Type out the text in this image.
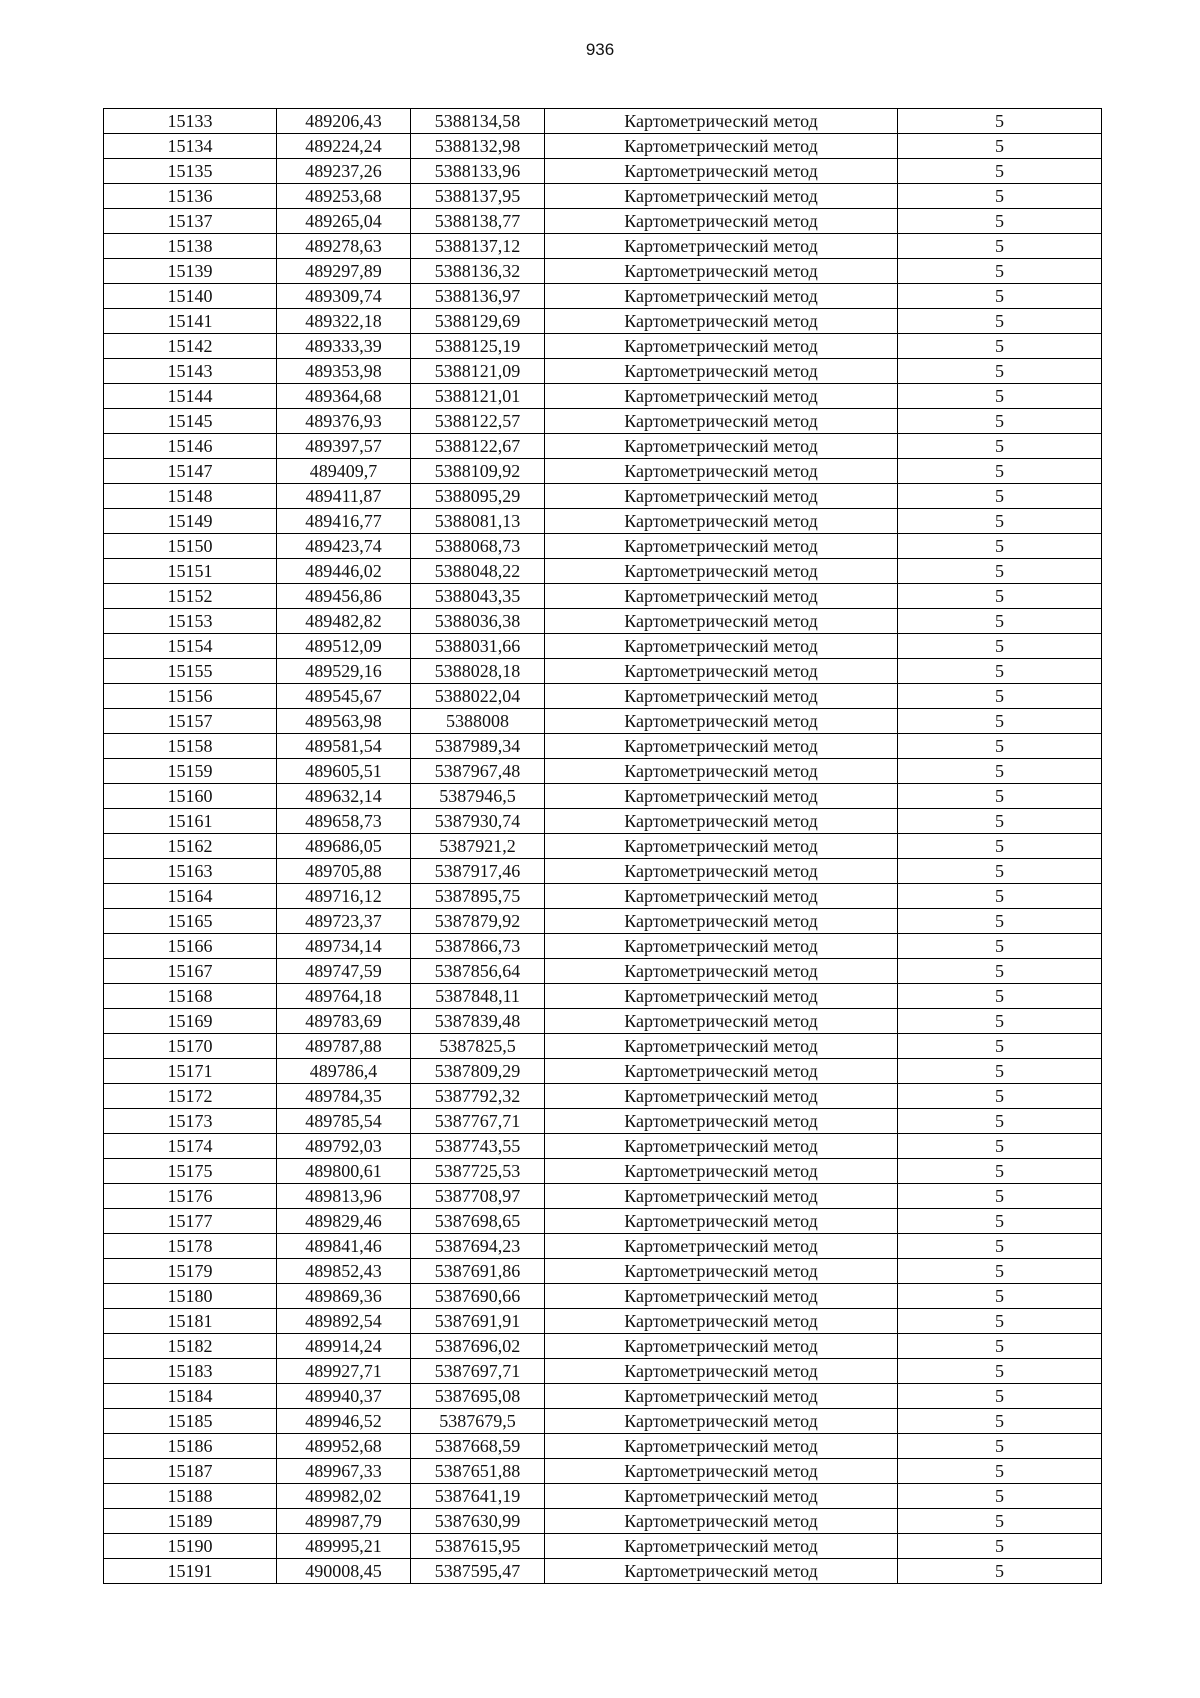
936
15133	489206,43	5388134,58	Картометрический метод	5
15134	489224,24	5388132,98	Картометрический метод	5
15135	489237,26	5388133,96	Картометрический метод	5
15136	489253,68	5388137,95	Картометрический метод	5
15137	489265,04	5388138,77	Картометрический метод	5
15138	489278,63	5388137,12	Картометрический метод	5
15139	489297,89	5388136,32	Картометрический метод	5
15140	489309,74	5388136,97	Картометрический метод	5
15141	489322,18	5388129,69	Картометрический метод	5
15142	489333,39	5388125,19	Картометрический метод	5
15143	489353,98	5388121,09	Картометрический метод	5
15144	489364,68	5388121,01	Картометрический метод	5
15145	489376,93	5388122,57	Картометрический метод	5
15146	489397,57	5388122,67	Картометрический метод	5
15147	489409,7	5388109,92	Картометрический метод	5
15148	489411,87	5388095,29	Картометрический метод	5
15149	489416,77	5388081,13	Картометрический метод	5
15150	489423,74	5388068,73	Картометрический метод	5
15151	489446,02	5388048,22	Картометрический метод	5
15152	489456,86	5388043,35	Картометрический метод	5
15153	489482,82	5388036,38	Картометрический метод	5
15154	489512,09	5388031,66	Картометрический метод	5
15155	489529,16	5388028,18	Картометрический метод	5
15156	489545,67	5388022,04	Картометрический метод	5
15157	489563,98	5388008	Картометрический метод	5
15158	489581,54	5387989,34	Картометрический метод	5
15159	489605,51	5387967,48	Картометрический метод	5
15160	489632,14	5387946,5	Картометрический метод	5
15161	489658,73	5387930,74	Картометрический метод	5
15162	489686,05	5387921,2	Картометрический метод	5
15163	489705,88	5387917,46	Картометрический метод	5
15164	489716,12	5387895,75	Картометрический метод	5
15165	489723,37	5387879,92	Картометрический метод	5
15166	489734,14	5387866,73	Картометрический метод	5
15167	489747,59	5387856,64	Картометрический метод	5
15168	489764,18	5387848,11	Картометрический метод	5
15169	489783,69	5387839,48	Картометрический метод	5
15170	489787,88	5387825,5	Картометрический метод	5
15171	489786,4	5387809,29	Картометрический метод	5
15172	489784,35	5387792,32	Картометрический метод	5
15173	489785,54	5387767,71	Картометрический метод	5
15174	489792,03	5387743,55	Картометрический метод	5
15175	489800,61	5387725,53	Картометрический метод	5
15176	489813,96	5387708,97	Картометрический метод	5
15177	489829,46	5387698,65	Картометрический метод	5
15178	489841,46	5387694,23	Картометрический метод	5
15179	489852,43	5387691,86	Картометрический метод	5
15180	489869,36	5387690,66	Картометрический метод	5
15181	489892,54	5387691,91	Картометрический метод	5
15182	489914,24	5387696,02	Картометрический метод	5
15183	489927,71	5387697,71	Картометрический метод	5
15184	489940,37	5387695,08	Картометрический метод	5
15185	489946,52	5387679,5	Картометрический метод	5
15186	489952,68	5387668,59	Картометрический метод	5
15187	489967,33	5387651,88	Картометрический метод	5
15188	489982,02	5387641,19	Картометрический метод	5
15189	489987,79	5387630,99	Картометрический метод	5
15190	489995,21	5387615,95	Картометрический метод	5
15191	490008,45	5387595,47	Картометрический метод	5
